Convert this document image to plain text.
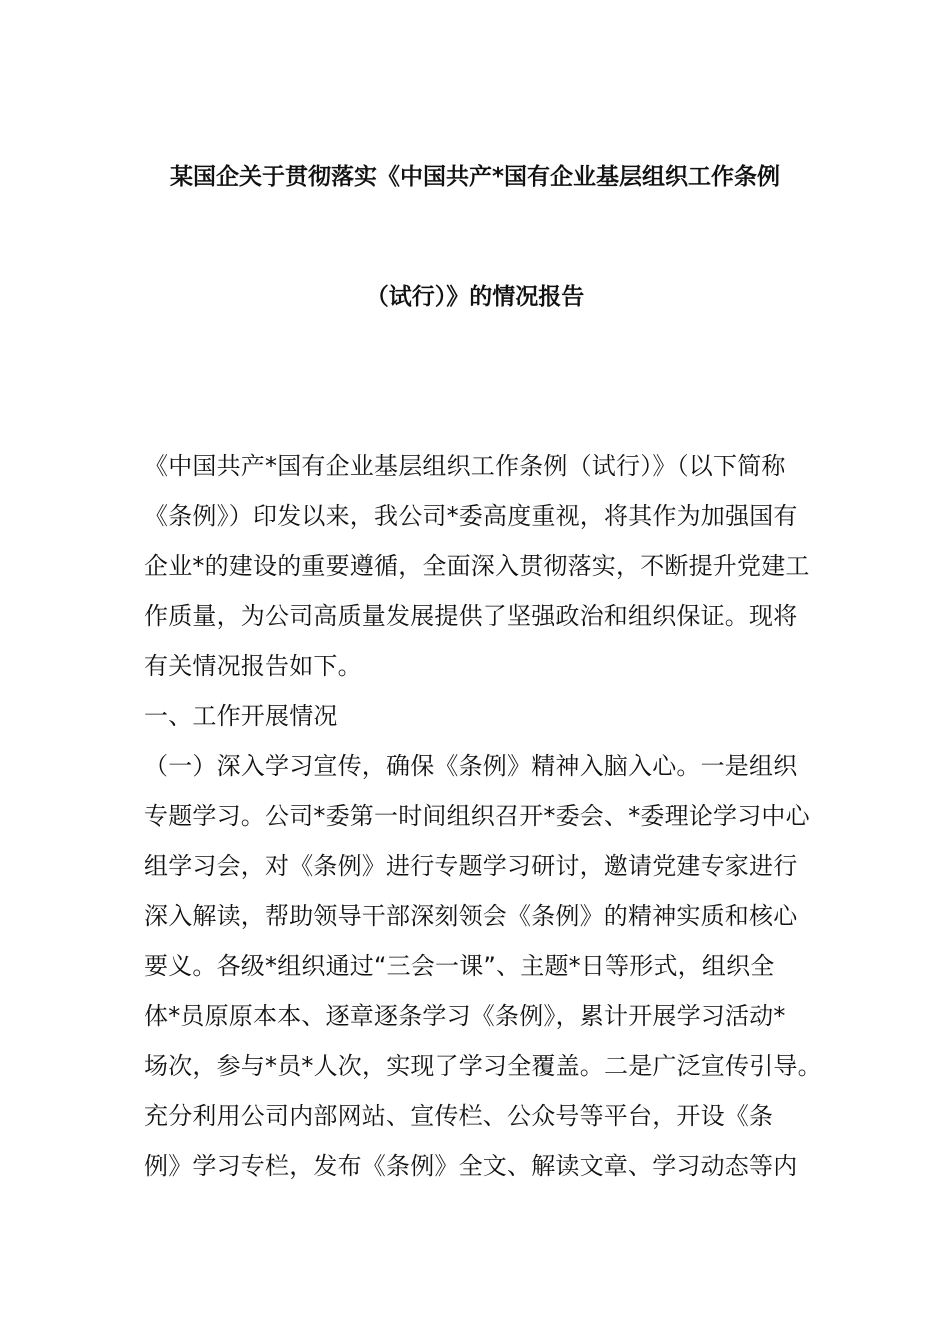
某国企关于贯彻落实《中国共产*国有企业基层组织工作条例
（试行）》的情况报告
《中国共产*国有企业基层组织工作条例（试行）》（以下简称
《条例》）印发以来，我公司*委高度重视，将其作为加强国有
企业*的建设的重要遵循，全面深入贯彻落实，不断提升党建工
作质量，为公司高质量发展提供了坚强政治和组织保证。现将
有关情况报告如下。
一、工作开展情况
（一）深入学习宣传，确保《条例》精神入脑入心。一是组织
专题学习。公司*委第一时间组织召开*委会、*委理论学习中心
组学习会，对《条例》进行专题学习研讨，邀请党建专家进行
深入解读，帮助领导干部深刻领会《条例》的精神实质和核心
要义。各级*组织通过“三会一课”、主题*日等形式，组织全
体*员原原本本、逐章逐条学习《条例》，累计开展学习活动*
场次，参与*员*人次，实现了学习全覆盖。二是广泛宣传引导。
充分利用公司内部网站、宣传栏、公众号等平台，开设《条
例》学习专栏，发布《条例》全文、解读文章、学习动态等内
